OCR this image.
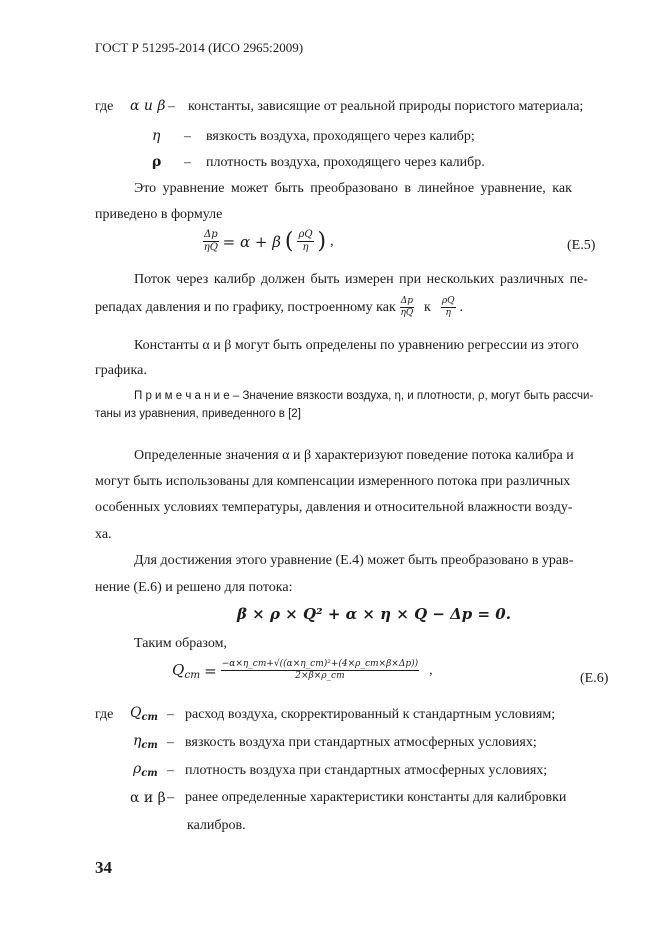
ГОСТ Р 51295-2014 (ИСО 2965:2009)
где α и β – константы, зависящие от реальной природы пористого материала;
η – вязкость воздуха, проходящего через калибр;
ρ – плотность воздуха, проходящего через калибр.
Это уравнение может быть преобразовано в линейное уравнение, как
приведено в формуле
$\frac{\Delta p}{\eta Q} = \alpha + \beta$ ( $\frac{\rho Q}{\eta}$ ) ,	(E.5)
Поток через калибр должен быть измерен при нескольких различных пе-
репадах давления и по графику, построенному как $\frac{\Delta p}{\eta Q}$ к $\frac{\rho Q}{\eta}$ .
Константы α и β могут быть определены по уравнению регрессии из этого
графика.
П р и м е ч а н и е – Значение вязкости воздуха, η, и плотности, ρ, могут быть рассчи-
таны из уравнения, приведенного в [2]
Определенные значения α и β характеризуют поведение потока калибра и
могут быть использованы для компенсации измеренного потока при различных
особенных условиях температуры, давления и относительной влажности возду-
ха.
Для достижения этого уравнение (E.4) может быть преобразовано в урав-
нение (E.6) и решено для потока:
β × ρ × Q² + α × η × Q − Δp = 0.
Таким образом,
$Q_{cm} = \frac{\text{−α×η\_cm+√((α×η\_cm)²+(4×ρ\_cm×β×Δp))}}{2\times\beta\times\rho\_cm}$ ,
(E.6)
где $Q_{ст}$ – расход воздуха, скорректированный к стандартным условиям;
$\eta_{ст}$ – вязкость воздуха при стандартных атмосферных условиях;
$\rho_{ст}$ – плотность воздуха при стандартных атмосферных условиях;
α и β – ранее определенные характеристики константы для калибровки
калибров.
34
